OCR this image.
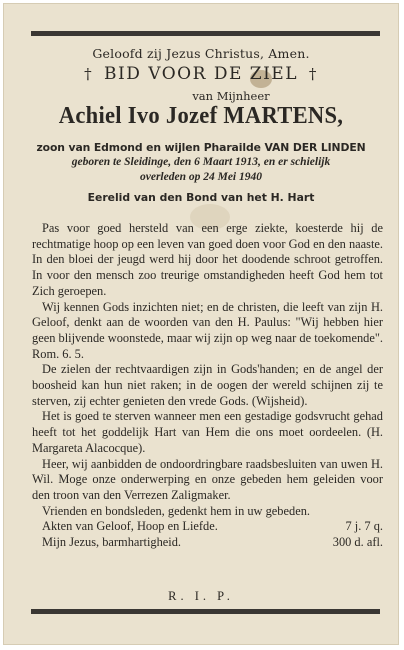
Geloofd zij Jezus Christus, Amen.
† BID VOOR DE ZIEL †
van Mijnheer
Achiel Ivo Jozef MARTENS,
zoon van Edmond en wijlen Pharailde VAN DER LINDEN
geboren te Sleidinge, den 6 Maart 1913, en er schielijk
overleden op 24 Mei 1940
Eerelid van den Bond van het H. Hart

Pas voor goed hersteld van een erge ziekte, koesterde hij de rechtmatige hoop op een leven van goed doen voor God en den naaste. In den bloei der jeugd werd hij door het doodende schroot getroffen. In voor den mensch zoo treurige omstandigheden heeft God hem tot Zich geroepen.

Wij kennen Gods inzichten niet; en de christen, die leeft van zijn H. Geloof, denkt aan de woorden van den H. Paulus: "Wij hebben hier geen blijvende woonstede, maar wij zijn op weg naar de toekomende". Rom. 6. 5.

De zielen der rechtvaardigen zijn in Gods'handen; en de angel der boosheid kan hun niet raken; in de oogen der wereld schijnen zij te sterven, zij echter genieten den vrede Gods. (Wijsheid).

Het is goed te sterven wanneer men een gestadige godsvrucht gehad heeft tot het goddelijk Hart van Hem die ons moet oordeelen. (H. Margareta Alacocque).

Heer, wij aanbidden de ondoordringbare raadsbesluiten van uwen H. Wil. Moge onze onderwerping en onze gebeden hem geleiden voor den troon van den Verrezen Zaligmaker.

Vrienden en bondsleden, gedenkt hem in uw gebeden.

Akten van Geloof, Hoop en Liefde.	7 j. 7 q.
Mijn Jezus, barmhartigheid.	300 d. afl.
R. I. P.
